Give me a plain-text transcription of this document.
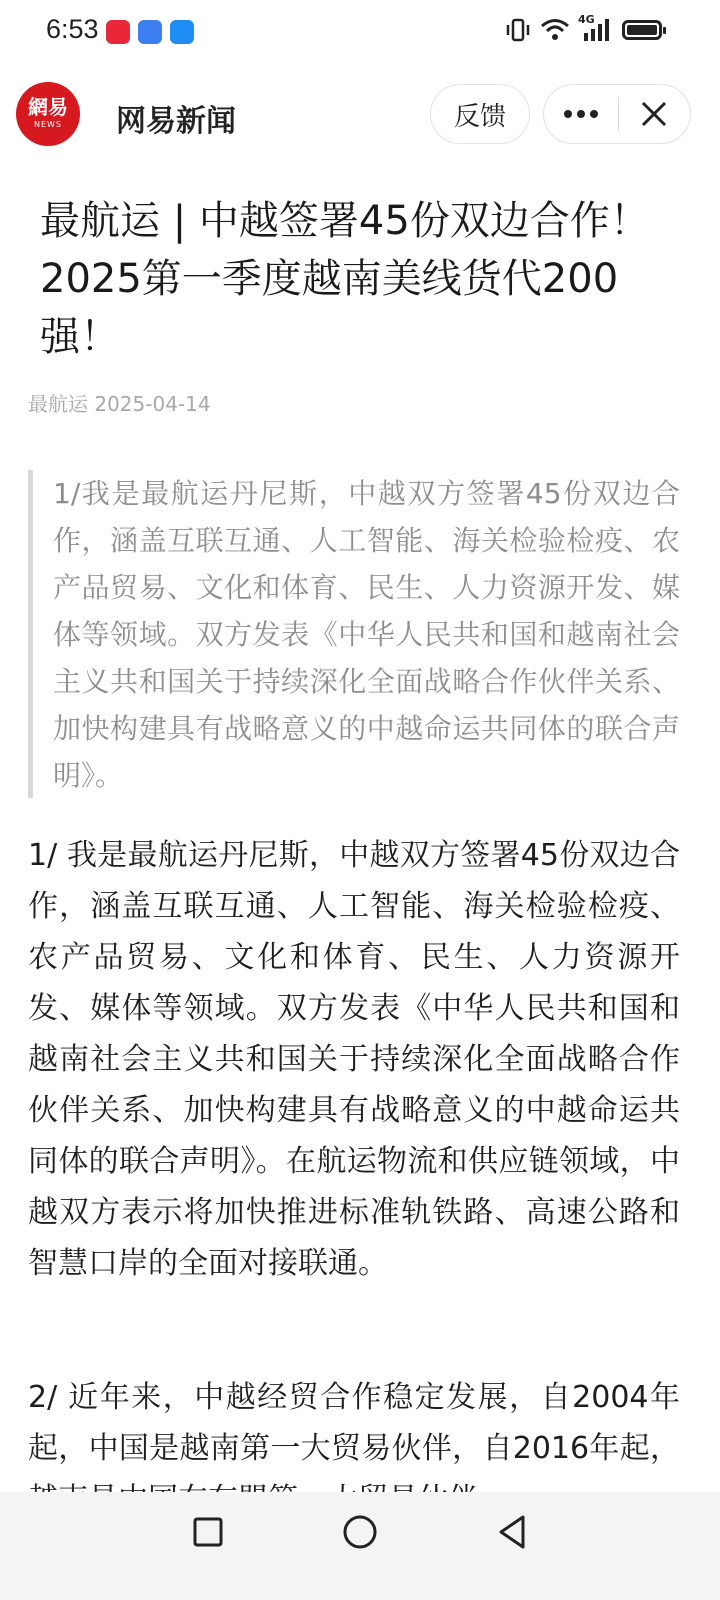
6:53	4G
網易
NEWS	网易新闻	反馈
最航运 | 中越签署45份双边合作！2025第一季度越南美线货代200强！
最航运 2025-04-14
1/我是最航运丹尼斯，中越双方签署45份双边合作，涵盖互联互通、人工智能、海关检验检疫、农产品贸易、文化和体育、民生、人力资源开发、媒体等领域。双方发表《中华人民共和国和越南社会主义共和国关于持续深化全面战略合作伙伴关系、加快构建具有战略意义的中越命运共同体的联合声明》。

1/ 我是最航运丹尼斯，中越双方签署45份双边合作，涵盖互联互通、人工智能、海关检验检疫、农产品贸易、文化和体育、民生、人力资源开发、媒体等领域。双方发表《中华人民共和国和越南社会主义共和国关于持续深化全面战略合作伙伴关系、加快构建具有战略意义的中越命运共同体的联合声明》。在航运物流和供应链领域，中越双方表示将加快推进标准轨铁路、高速公路和智慧口岸的全面对接联通。

2/ 近年来，中越经贸合作稳定发展，自2004年起，中国是越南第一大贸易伙伴，自2016年起，
